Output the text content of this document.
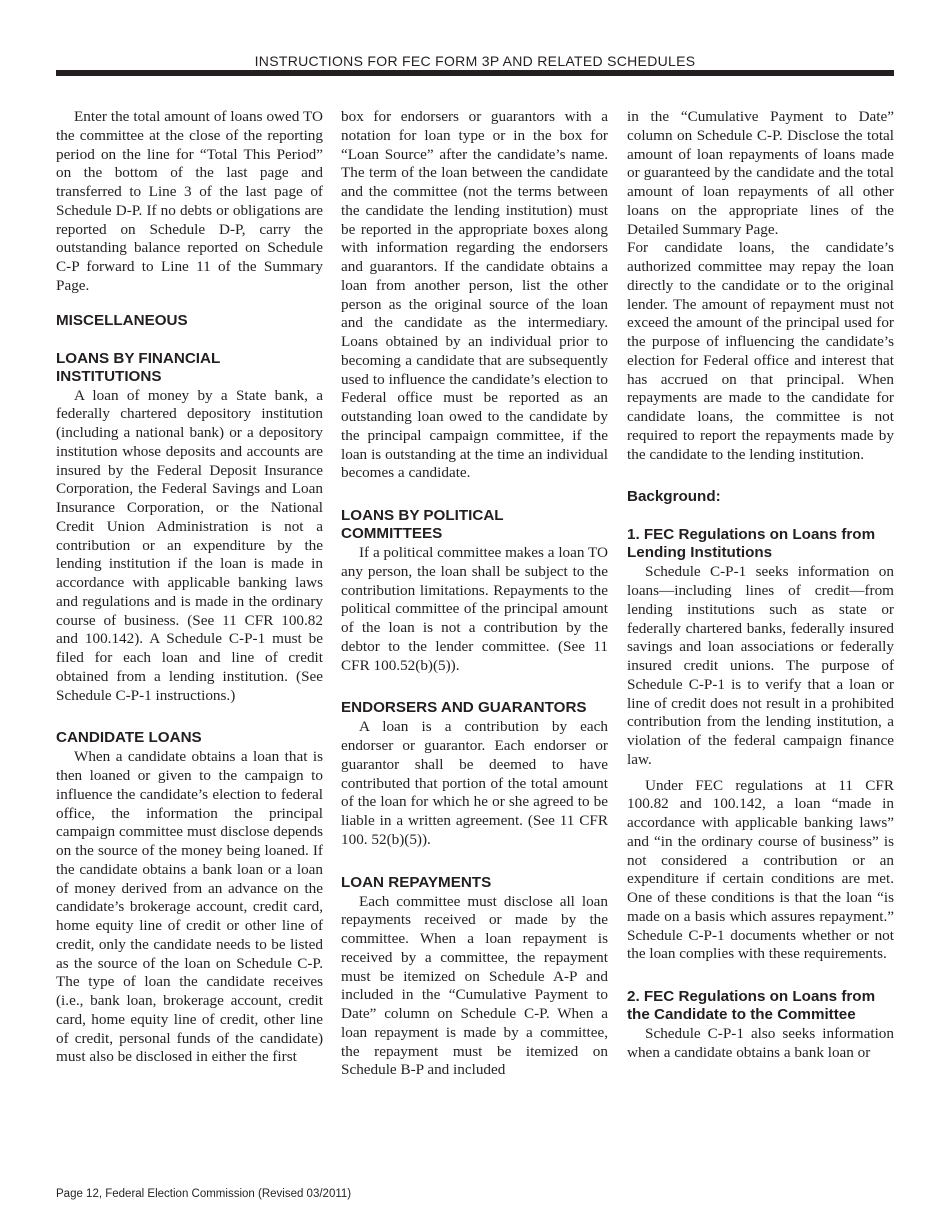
INSTRUCTIONS FOR FEC FORM 3P AND RELATED SCHEDULES

Enter the total amount of loans owed TO the committee at the close of the reporting period on the line for “Total This Period” on the bottom of the last page and transferred to Line 3 of the last page of Schedule D-P. If no debts or obligations are reported on Schedule D-P, carry the outstanding balance reported on Schedule C-P forward to Line 11 of the Summary Page.

MISCELLANEOUS
LOANS BY FINANCIAL INSTITUTIONS

A loan of money by a State bank, a federally chartered depository institution (including a national bank) or a depository institution whose deposits and accounts are insured by the Federal Deposit Insurance Corporation, the Federal Savings and Loan Insurance Corporation, or the National Credit Union Administration is not a contribution or an expenditure by the lending institution if the loan is made in accordance with applicable banking laws and regulations and is made in the ordinary course of business. (See 11 CFR 100.82 and 100.142). A Schedule C-P-1 must be filed for each loan and line of credit obtained from a lending institution. (See Schedule C-P-1 instructions.)

CANDIDATE LOANS

When a candidate obtains a loan that is then loaned or given to the campaign to influence the candidate’s election to federal office, the information the principal campaign committee must disclose depends on the source of the money being loaned. If the candidate obtains a bank loan or a loan of money derived from an advance on the candidate’s brokerage account, credit card, home equity line of credit or other line of credit, only the candidate needs to be listed as the source of the loan on Schedule C-P. The type of loan the candidate receives (i.e., bank loan, brokerage account, credit card, home equity line of credit, other line of credit, personal funds of the candidate) must also be disclosed in either the first

box for endorsers or guarantors with a notation for loan type or in the box for “Loan Source” after the candidate’s name. The term of the loan between the candidate and the committee (not the terms between the candidate the lending institution) must be reported in the appropriate boxes along with information regarding the endorsers and guarantors. If the candidate obtains a loan from another person, list the other person as the original source of the loan and the candidate as the intermediary. Loans obtained by an individual prior to becoming a candidate that are subsequently used to influence the candidate’s election to Federal office must be reported as an outstanding loan owed to the candidate by the principal campaign committee, if the loan is outstanding at the time an individual becomes a candidate.

LOANS BY POLITICAL COMMITTEES

If a political committee makes a loan TO any person, the loan shall be subject to the contribution limitations. Repayments to the political committee of the principal amount of the loan is not a contribution by the debtor to the lender committee. (See 11 CFR 100.52(b)(5)).

ENDORSERS AND GUARANTORS

A loan is a contribution by each endorser or guarantor. Each endorser or guarantor shall be deemed to have contributed that portion of the total amount of the loan for which he or she agreed to be liable in a written agreement. (See 11 CFR 100. 52(b)(5)).

LOAN REPAYMENTS

Each committee must disclose all loan repayments received or made by the committee. When a loan repayment is received by a committee, the repayment must be itemized on Schedule A-P and included in the “Cumulative Payment to Date” column on Schedule C-P. When a loan repayment is made by a committee, the repayment must be itemized on Schedule B-P and included

in the “Cumulative Payment to Date” column on Schedule C-P. Disclose the total amount of loan repayments of loans made or guaranteed by the candidate and the total amount of loan repayments of all other loans on the appropriate lines of the Detailed Summary Page.

For candidate loans, the candidate’s authorized committee may repay the loan directly to the candidate or to the original lender. The amount of repayment must not exceed the amount of the principal used for the purpose of influencing the candidate’s election for Federal office and interest that has accrued on that principal. When repayments are made to the candidate for candidate loans, the committee is not required to report the repayments made by the candidate to the lending institution.

Background:
1. FEC Regulations on Loans from Lending Institutions

Schedule C-P-1 seeks information on loans—including lines of credit—from lending institutions such as state or federally chartered banks, federally insured savings and loan associations or federally insured credit unions. The purpose of Schedule C-P-1 is to verify that a loan or line of credit does not result in a prohibited contribution from the lending institution, a violation of the federal campaign finance law.

Under FEC regulations at 11 CFR 100.82 and 100.142, a loan “made in accordance with applicable banking laws” and “in the ordinary course of business” is not considered a contribution or an expenditure if certain conditions are met. One of these conditions is that the loan “is made on a basis which assures repayment.” Schedule C-P-1 documents whether or not the loan complies with these requirements.

2. FEC Regulations on Loans from the Candidate to the Committee

Schedule C-P-1 also seeks information when a candidate obtains a bank loan or

Page 12, Federal Election Commission (Revised 03/2011)
